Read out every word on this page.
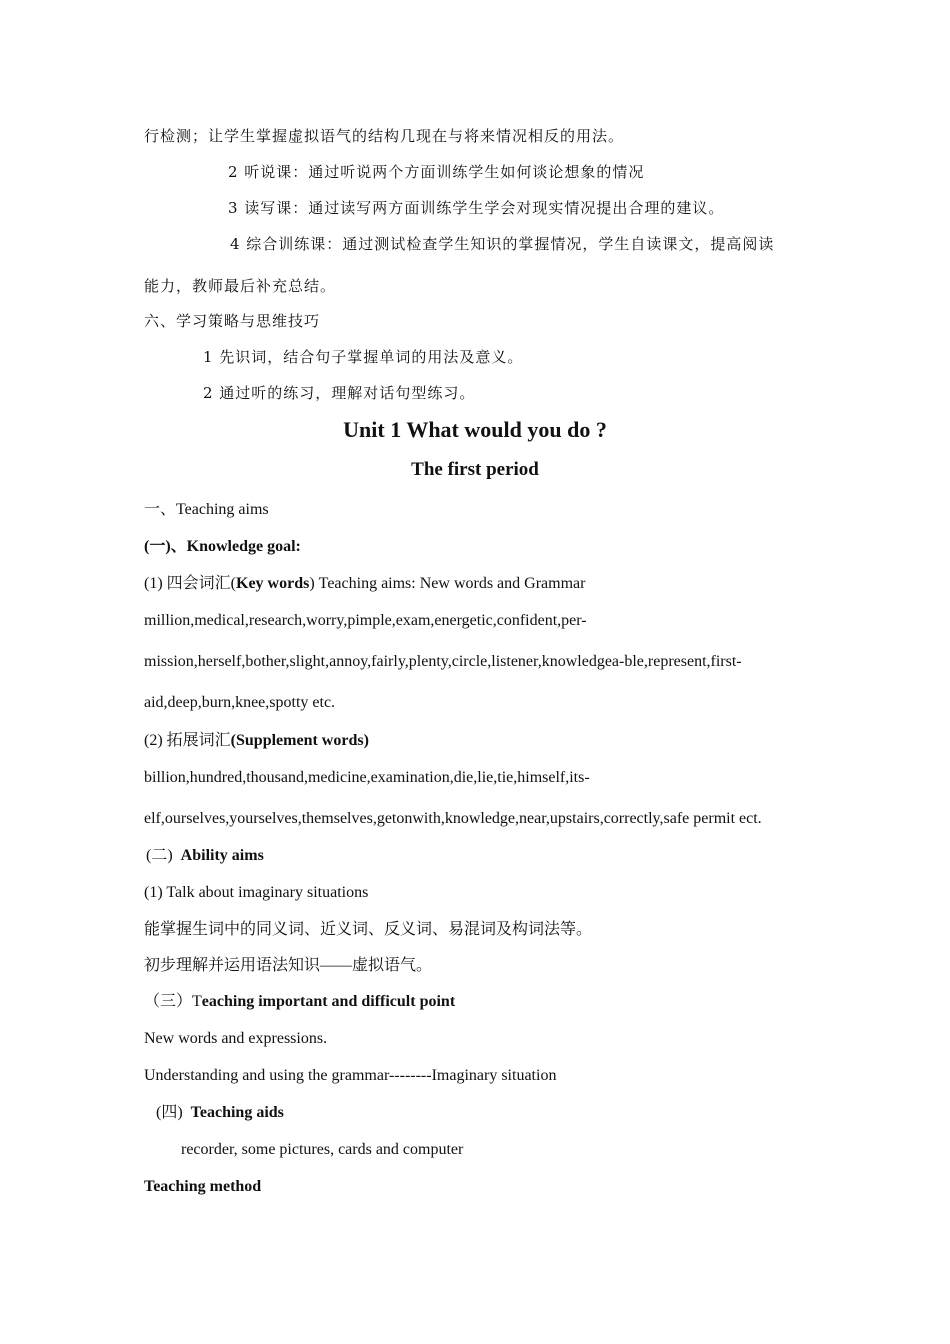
行检测；让学生掌握虚拟语气的结构几现在与将来情况相反的用法。
2 听说课：通过听说两个方面训练学生如何谈论想象的情况
3 读写课：通过读写两方面训练学生学会对现实情况提出合理的建议。
4 综合训练课：通过测试检查学生知识的掌握情况，学生自读课文，提高阅读
能力，教师最后补充总结。
六、学习策略与思维技巧
1 先识词，结合句子掌握单词的用法及意义。
2 通过听的练习，理解对话句型练习。
Unit 1 What would you do ?
The first period
一、Teaching aims
(一)、Knowledge goal:
(1) 四会词汇(Key words) Teaching aims: New words and Grammar
million,medical,research,worry,pimple,exam,energetic,confident,per-
mission,herself,bother,slight,annoy,fairly,plenty,circle,listener,knowledgea-ble,represent,first-
aid,deep,burn,knee,spotty etc.
(2) 拓展词汇(Supplement words)
billion,hundred,thousand,medicine,examination,die,lie,tie,himself,its-
elf,ourselves,yourselves,themselves,getonwith,knowledge,near,upstairs,correctly,safe permit ect.
(二) Ability aims
(1) Talk about imaginary situations
能掌握生词中的同义词、近义词、反义词、易混词及构词法等。
初步理解并运用语法知识——虚拟语气。
（三）Teaching important and difficult point
New words and expressions.
Understanding and using the grammar--------Imaginary situation
(四) Teaching aids
recorder, some pictures, cards and computer
Teaching method
